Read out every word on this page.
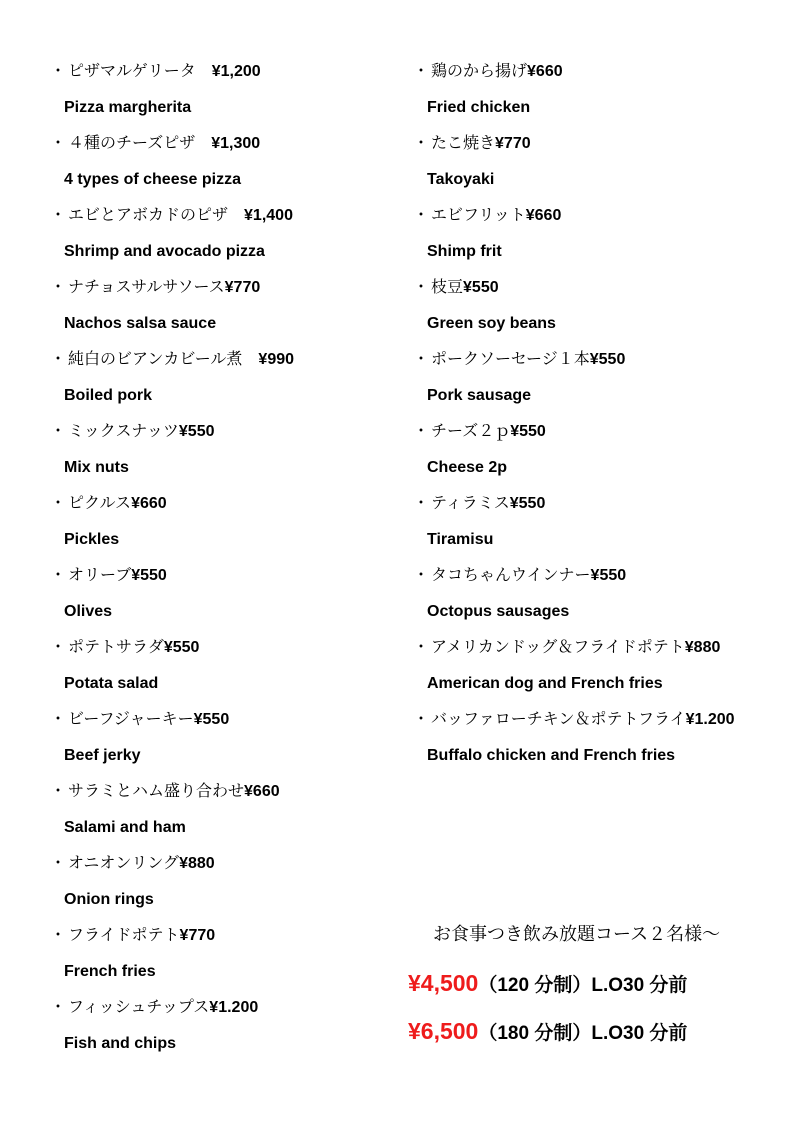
・ ピザマルゲリータ　¥1,200
Pizza margherita
・ ４種のチーズピザ　¥1,300
4 types of cheese pizza
・ エビとアボカドのピザ　¥1,400
Shrimp and avocado pizza
・ ナチョスサルサソース¥770
Nachos salsa sauce
・ 純白のビアンカビール煮　¥990
Boiled pork
・ ミックスナッツ¥550
Mix nuts
・ ピクルス¥660
Pickles
・ オリーブ¥550
Olives
・ ポテトサラダ¥550
Potata salad
・ ビーフジャーキー¥550
Beef jerky
・ サラミとハム盛り合わせ¥660
Salami and ham
・ オニオンリング¥880
Onion rings
・ フライドポテト¥770
French fries
・ フィッシュチップス¥1.200
Fish and chips
・ 鶏のから揚げ¥660
Fried chicken
・ たこ焼き¥770
Takoyaki
・ エビフリット¥660
Shimp frit
・ 枝豆¥550
Green soy beans
・ ポークソーセージ１本¥550
Pork sausage
・ チーズ２ｐ¥550
Cheese 2p
・ ティラミス¥550
Tiramisu
・ タコちゃんウインナー¥550
Octopus sausages
・ アメリカンドッグ＆フライドポテト¥880
American dog and French fries
・ バッファローチキン＆ポテトフライ¥1.200
Buffalo chicken and French fries
お食事つき飲み放題コース２名様～
¥4,500（120 分制）L.O30 分前
¥6,500（180 分制）L.O30 分前
